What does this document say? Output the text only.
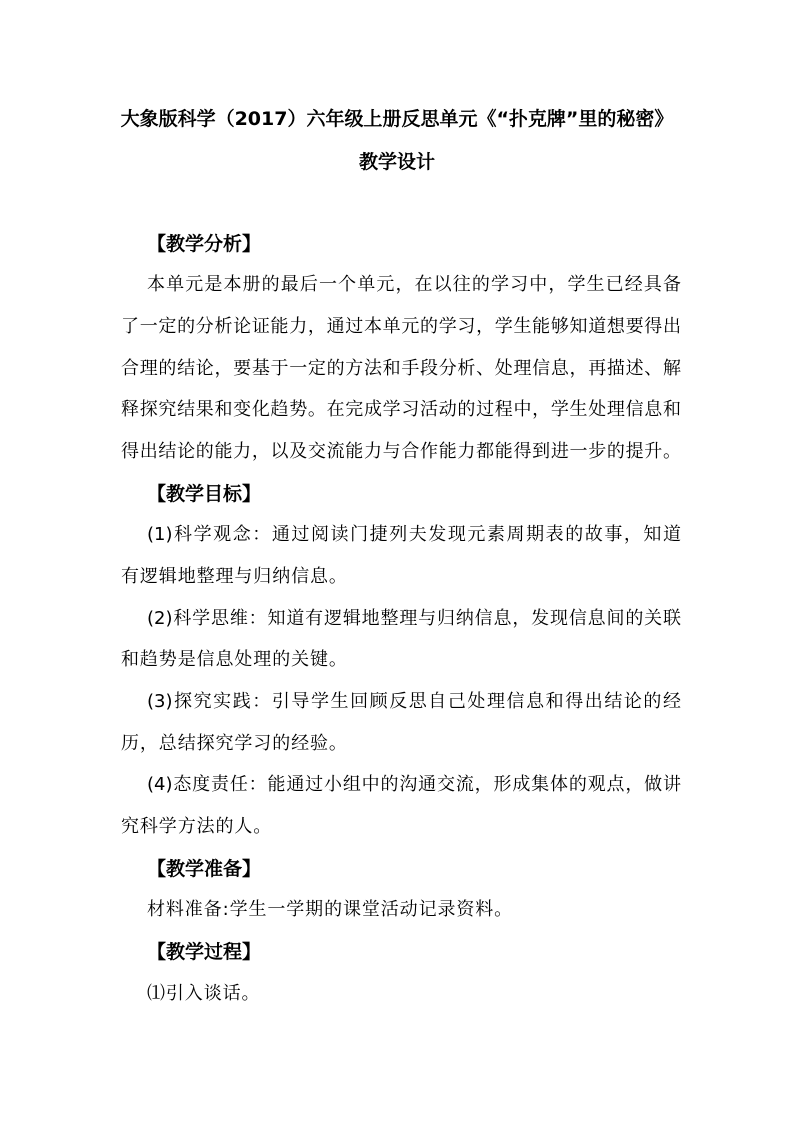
大象版科学（2017）六年级上册反思单元《“扑克牌”里的秘密》
教学设计
【教学分析】
本单元是本册的最后一个单元，在以往的学习中，学生已经具备
了一定的分析论证能力，通过本单元的学习，学生能够知道想要得出
合理的结论，要基于一定的方法和手段分析、处理信息，再描述、解
释探究结果和变化趋势。在完成学习活动的过程中，学生处理信息和
得出结论的能力，以及交流能力与合作能力都能得到进一步的提升。
【教学目标】
(1)科学观念：通过阅读门捷列夫发现元素周期表的故事，知道
有逻辑地整理与归纳信息。
(2)科学思维：知道有逻辑地整理与归纳信息，发现信息间的关联
和趋势是信息处理的关键。
(3)探究实践：引导学生回顾反思自己处理信息和得出结论的经
历，总结探究学习的经验。
(4)态度责任：能通过小组中的沟通交流，形成集体的观点，做讲
究科学方法的人。
【教学准备】
材料准备:学生一学期的课堂活动记录资料。
【教学过程】
⑴引入谈话。
